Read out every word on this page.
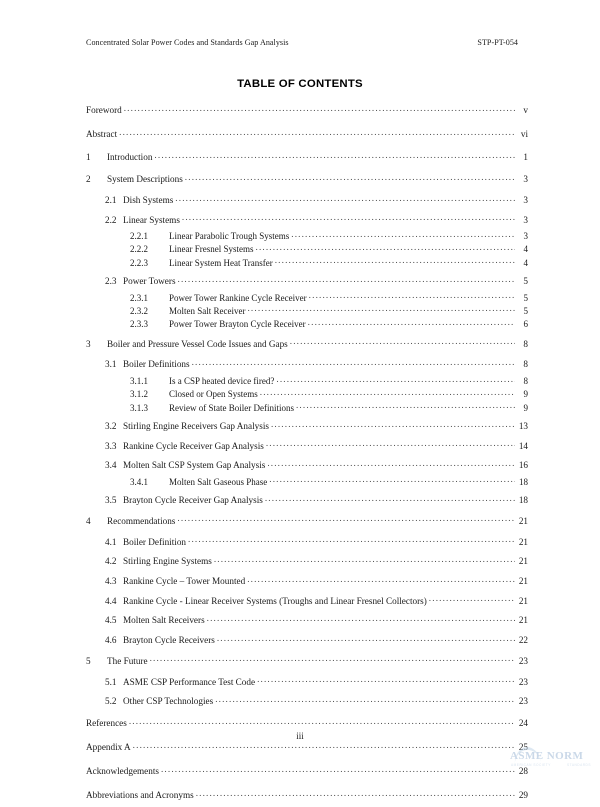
Concentrated Solar Power Codes and Standards Gap Analysis	STP-PT-054
TABLE OF CONTENTS
Foreword .....	v
Abstract .....	vi
1	Introduction .....	1
2	System Descriptions .....	3
2.1 Dish Systems .....	3
2.2 Linear Systems .....	3
2.2.1	Linear Parabolic Trough Systems .....	3
2.2.2	Linear Fresnel Systems .....	4
2.2.3	Linear System Heat Transfer .....	4
2.3 Power Towers .....	5
2.3.1	Power Tower Rankine Cycle Receiver .....	5
2.3.2	Molten Salt Receiver .....	5
2.3.3	Power Tower Brayton Cycle Receiver .....	6
3	Boiler and Pressure Vessel Code Issues and Gaps .....	8
3.1 Boiler Definitions .....	8
3.1.1	Is a CSP heated device fired? .....	8
3.1.2	Closed or Open Systems .....	9
3.1.3	Review of State Boiler Definitions .....	9
3.2 Stirling Engine Receivers Gap Analysis .....	13
3.3 Rankine Cycle Receiver Gap Analysis .....	14
3.4 Molten Salt CSP System Gap Analysis .....	16
3.4.1	Molten Salt Gaseous Phase .....	18
3.5 Brayton Cycle Receiver Gap Analysis .....	18
4	Recommendations .....	21
4.1 Boiler Definition .....	21
4.2 Stirling Engine Systems .....	21
4.3 Rankine Cycle – Tower Mounted .....	21
4.4 Rankine Cycle - Linear Receiver Systems (Troughs and Linear Fresnel Collectors) .....	21
4.5 Molten Salt Receivers .....	21
4.6 Brayton Cycle Receivers .....	22
5	The Future .....	23
5.1 ASME CSP Performance Test Code .....	23
5.2 Other CSP Technologies .....	23
References .....	24
Appendix A .....	25
Acknowledgements .....	28
Abbreviations and Acronyms .....	29
iii
ASME NORM
AMERICAN SOCIETY	STANDARDS
